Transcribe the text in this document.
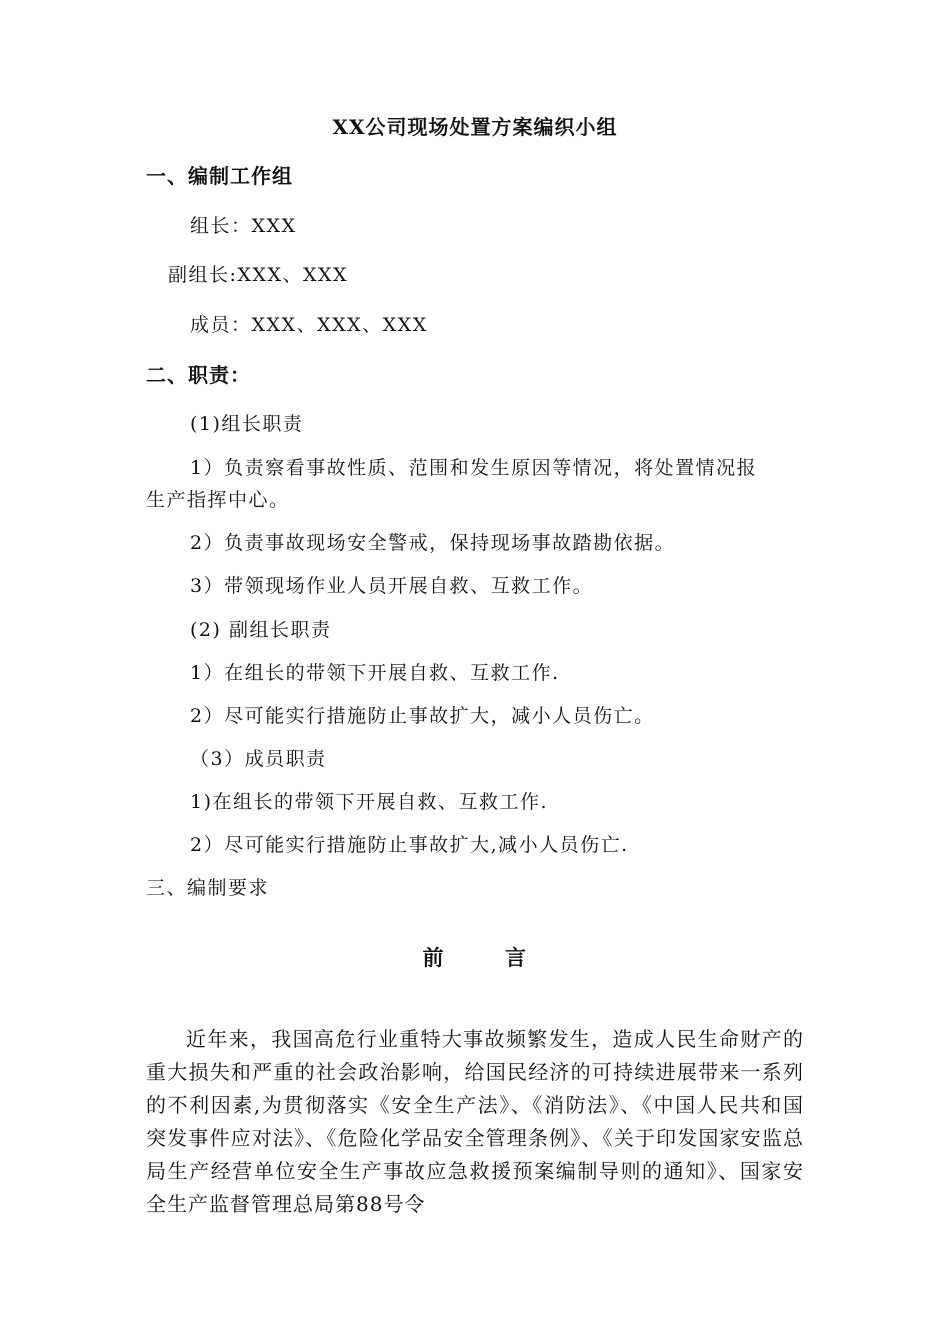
XX公司现场处置方案编织小组
一、编制工作组
组长：XXX
副组长:XXX、XXX
成员：XXX、XXX、XXX
二、职责：
(1)组长职责
1）负责察看事故性质、范围和发生原因等情况，将处置情况报
生产指挥中心。
2）负责事故现场安全警戒，保持现场事故踏勘依据。
3）带领现场作业人员开展自救、互救工作。
(2) 副组长职责
1）在组长的带领下开展自救、互救工作.
2）尽可能实行措施防止事故扩大，减小人员伤亡。
（3）成员职责
1)在组长的带领下开展自救、互救工作.
2）尽可能实行措施防止事故扩大,减小人员伤亡.
三、编制要求
前	言

近年来，我国高危行业重特大事故频繁发生，造成人民生命财产的重大损失和严重的社会政治影响，给国民经济的可持续进展带来一系列的不利因素,为贯彻落实《安全生产法》、《消防法》、《中国人民共和国突发事件应对法》、《危险化学品安全管理条例》、《关于印发国家安监总局生产经营单位安全生产事故应急救援预案编制导则的通知》、国家安全生产监督管理总局第88号令
